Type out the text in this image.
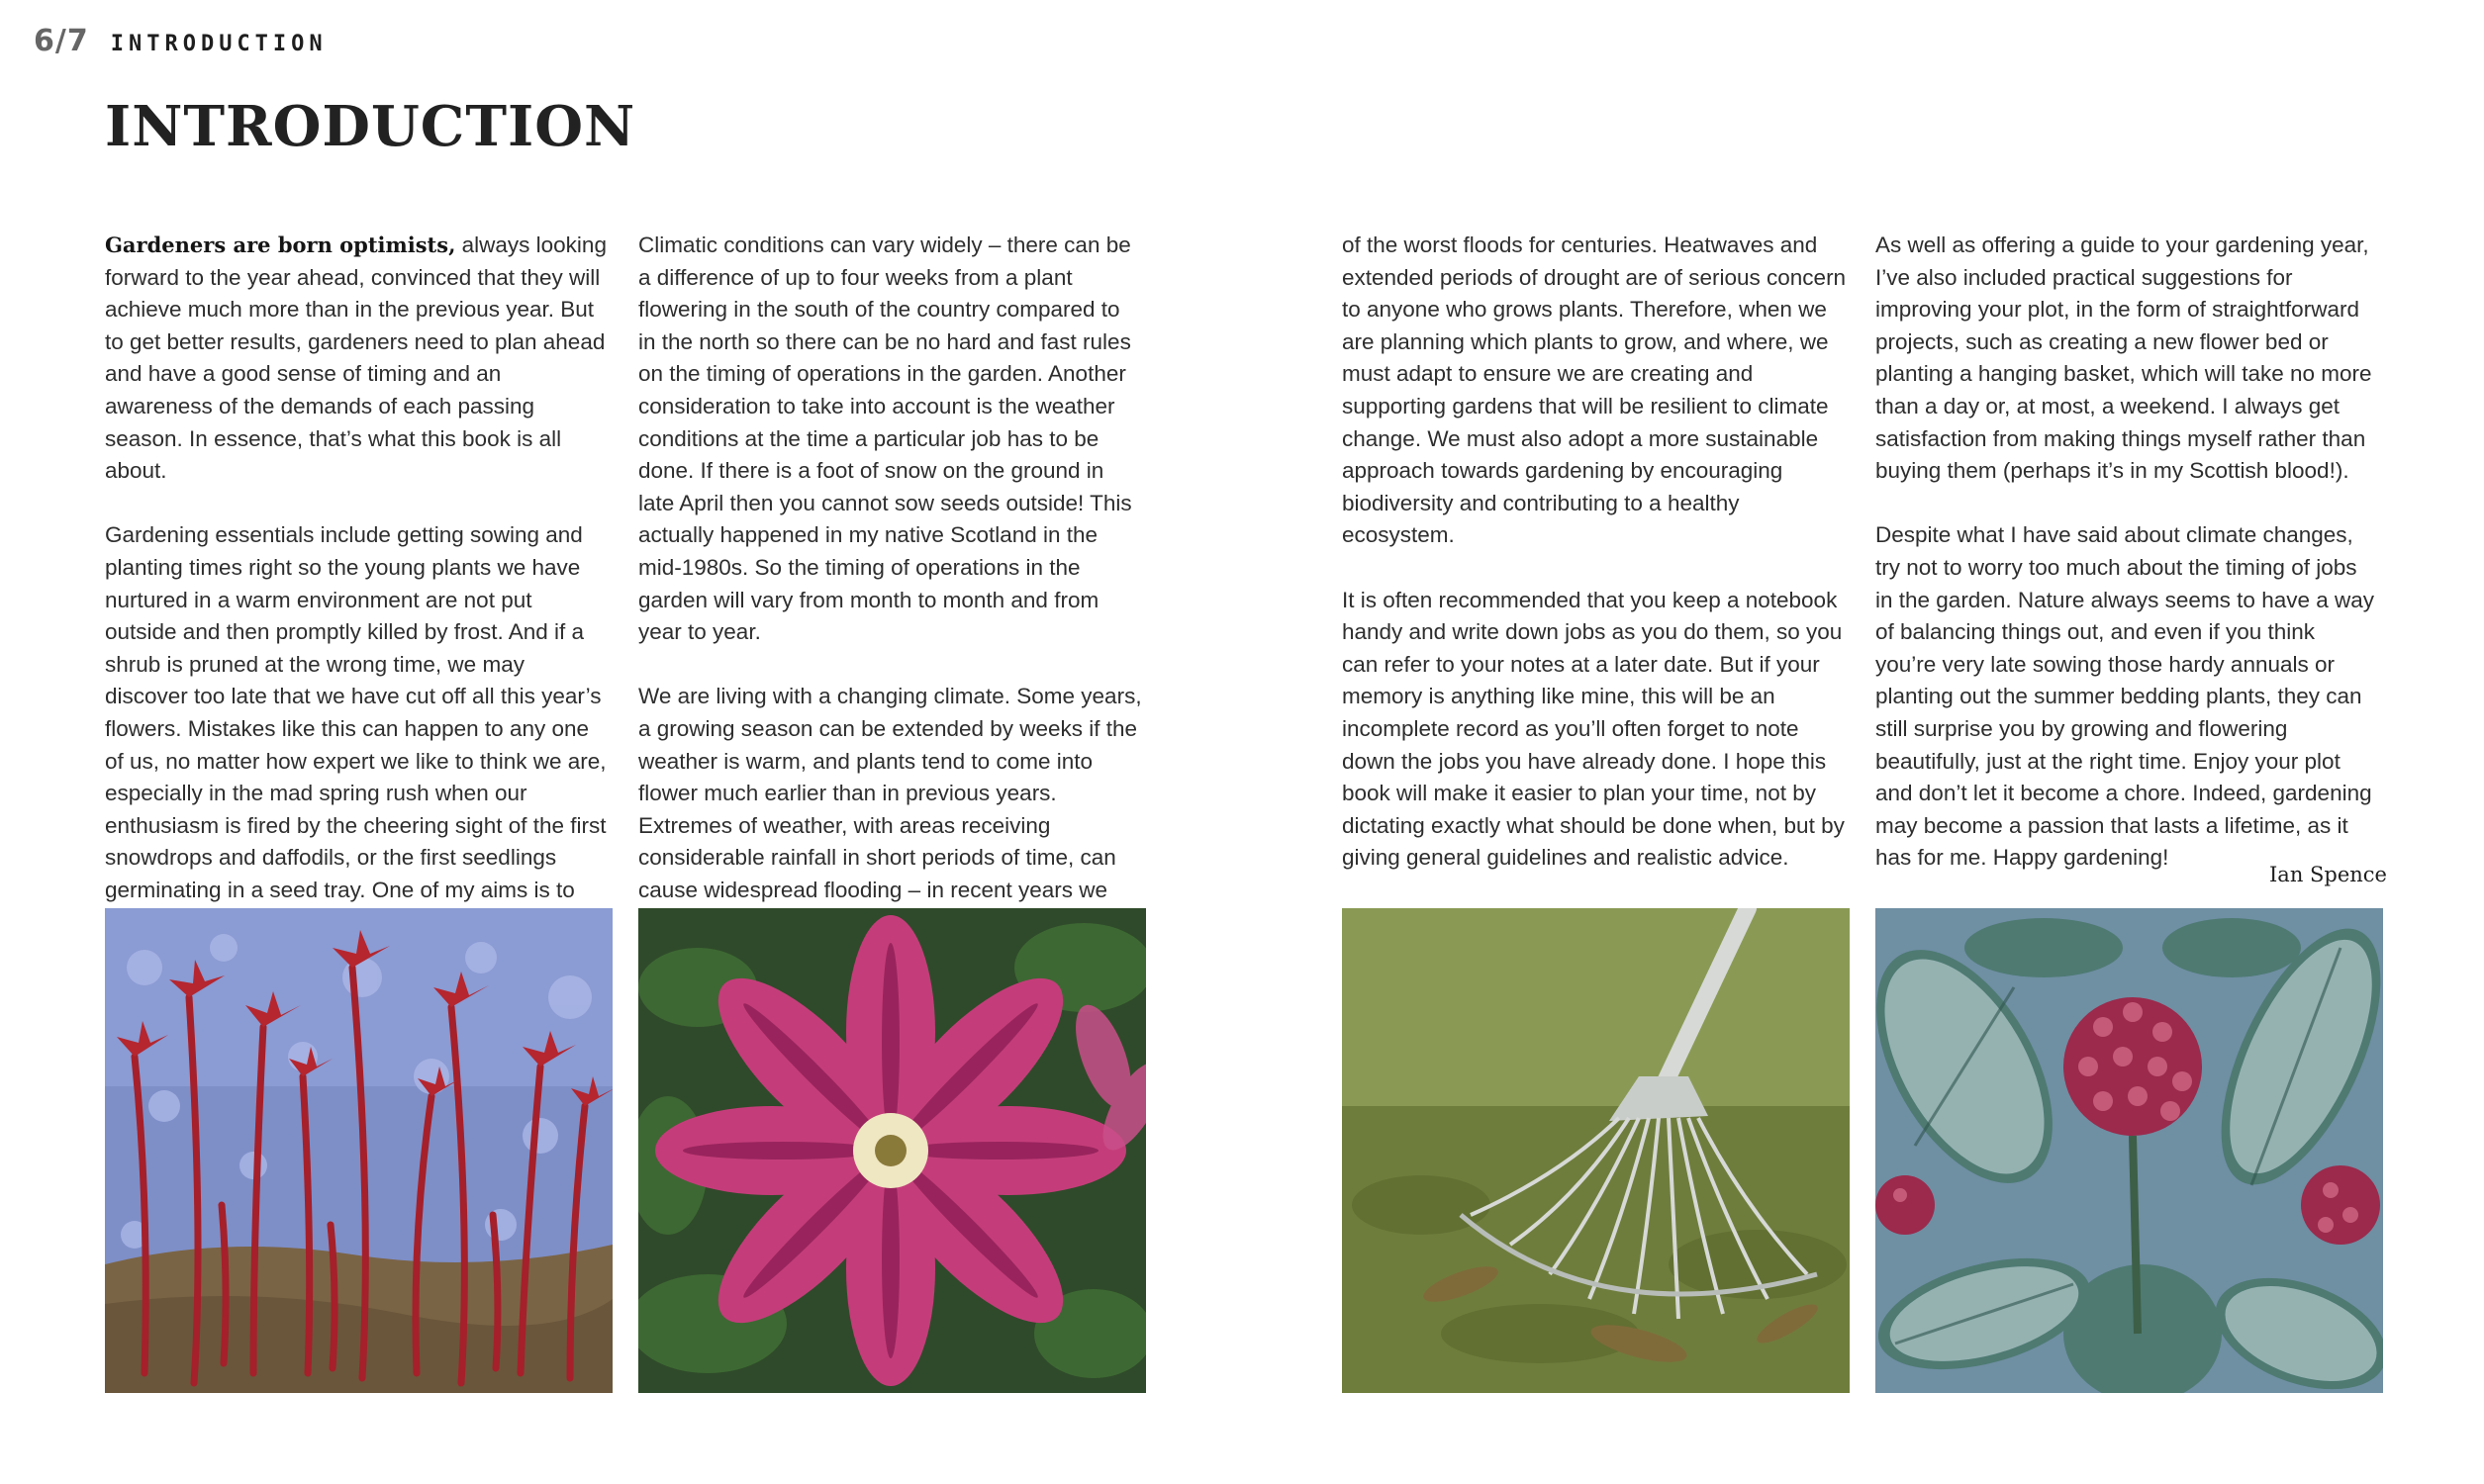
6/7 INTRODUCTION
INTRODUCTION

Gardeners are born optimists, always looking forward to the year ahead, convinced that they will achieve much more than in the previous year. But to get better results, gardeners need to plan ahead and have a good sense of timing and an awareness of the demands of each passing season. In essence, that’s what this book is all about.

Gardening essentials include getting sowing and planting times right so the young plants we have nurtured in a warm environment are not put outside and then promptly killed by frost. And if a shrub is pruned at the wrong time, we may discover too late that we have cut off all this year’s flowers. Mistakes like this can happen to any one of us, no matter how expert we like to think we are, especially in the mad spring rush when our enthusiasm is fired by the cheering sight of the first snowdrops and daffodils, or the first seedlings germinating in a seed tray. One of my aims is to

Climatic conditions can vary widely – there can be a difference of up to four weeks from a plant flowering in the south of the country compared to in the north so there can be no hard and fast rules on the timing of operations in the garden. Another consideration to take into account is the weather conditions at the time a particular job has to be done. If there is a foot of snow on the ground in late April then you cannot sow seeds outside! This actually happened in my native Scotland in the mid-1980s. So the timing of operations in the garden will vary from month to month and from year to year.

We are living with a changing climate. Some years, a growing season can be extended by weeks if the weather is warm, and plants tend to come into flower much earlier than in previous years. Extremes of weather, with areas receiving considerable rainfall in short periods of time, can cause widespread flooding – in recent years we

of the worst floods for centuries. Heatwaves and extended periods of drought are of serious concern to anyone who grows plants. Therefore, when we are planning which plants to grow, and where, we must adapt to ensure we are creating and supporting gardens that will be resilient to climate change. We must also adopt a more sustainable approach towards gardening by encouraging biodiversity and contributing to a healthy ecosystem.

It is often recommended that you keep a notebook handy and write down jobs as you do them, so you can refer to your notes at a later date. But if your memory is anything like mine, this will be an incomplete record as you’ll often forget to note down the jobs you have already done. I hope this book will make it easier to plan your time, not by dictating exactly what should be done when, but by giving general guidelines and realistic advice.

As well as offering a guide to your gardening year, I’ve also included practical suggestions for improving your plot, in the form of straightforward projects, such as creating a new flower bed or planting a hanging basket, which will take no more than a day or, at most, a weekend. I always get satisfaction from making things myself rather than buying them (perhaps it’s in my Scottish blood!).

Despite what I have said about climate changes, try not to worry too much about the timing of jobs in the garden. Nature always seems to have a way of balancing things out, and even if you think you’re very late sowing those hardy annuals or planting out the summer bedding plants, they can still surprise you by growing and flowering beautifully, just at the right time. Enjoy your plot and don’t let it become a chore. Indeed, gardening may become a passion that lasts a lifetime, as it has for me. Happy gardening!

Ian Spence
